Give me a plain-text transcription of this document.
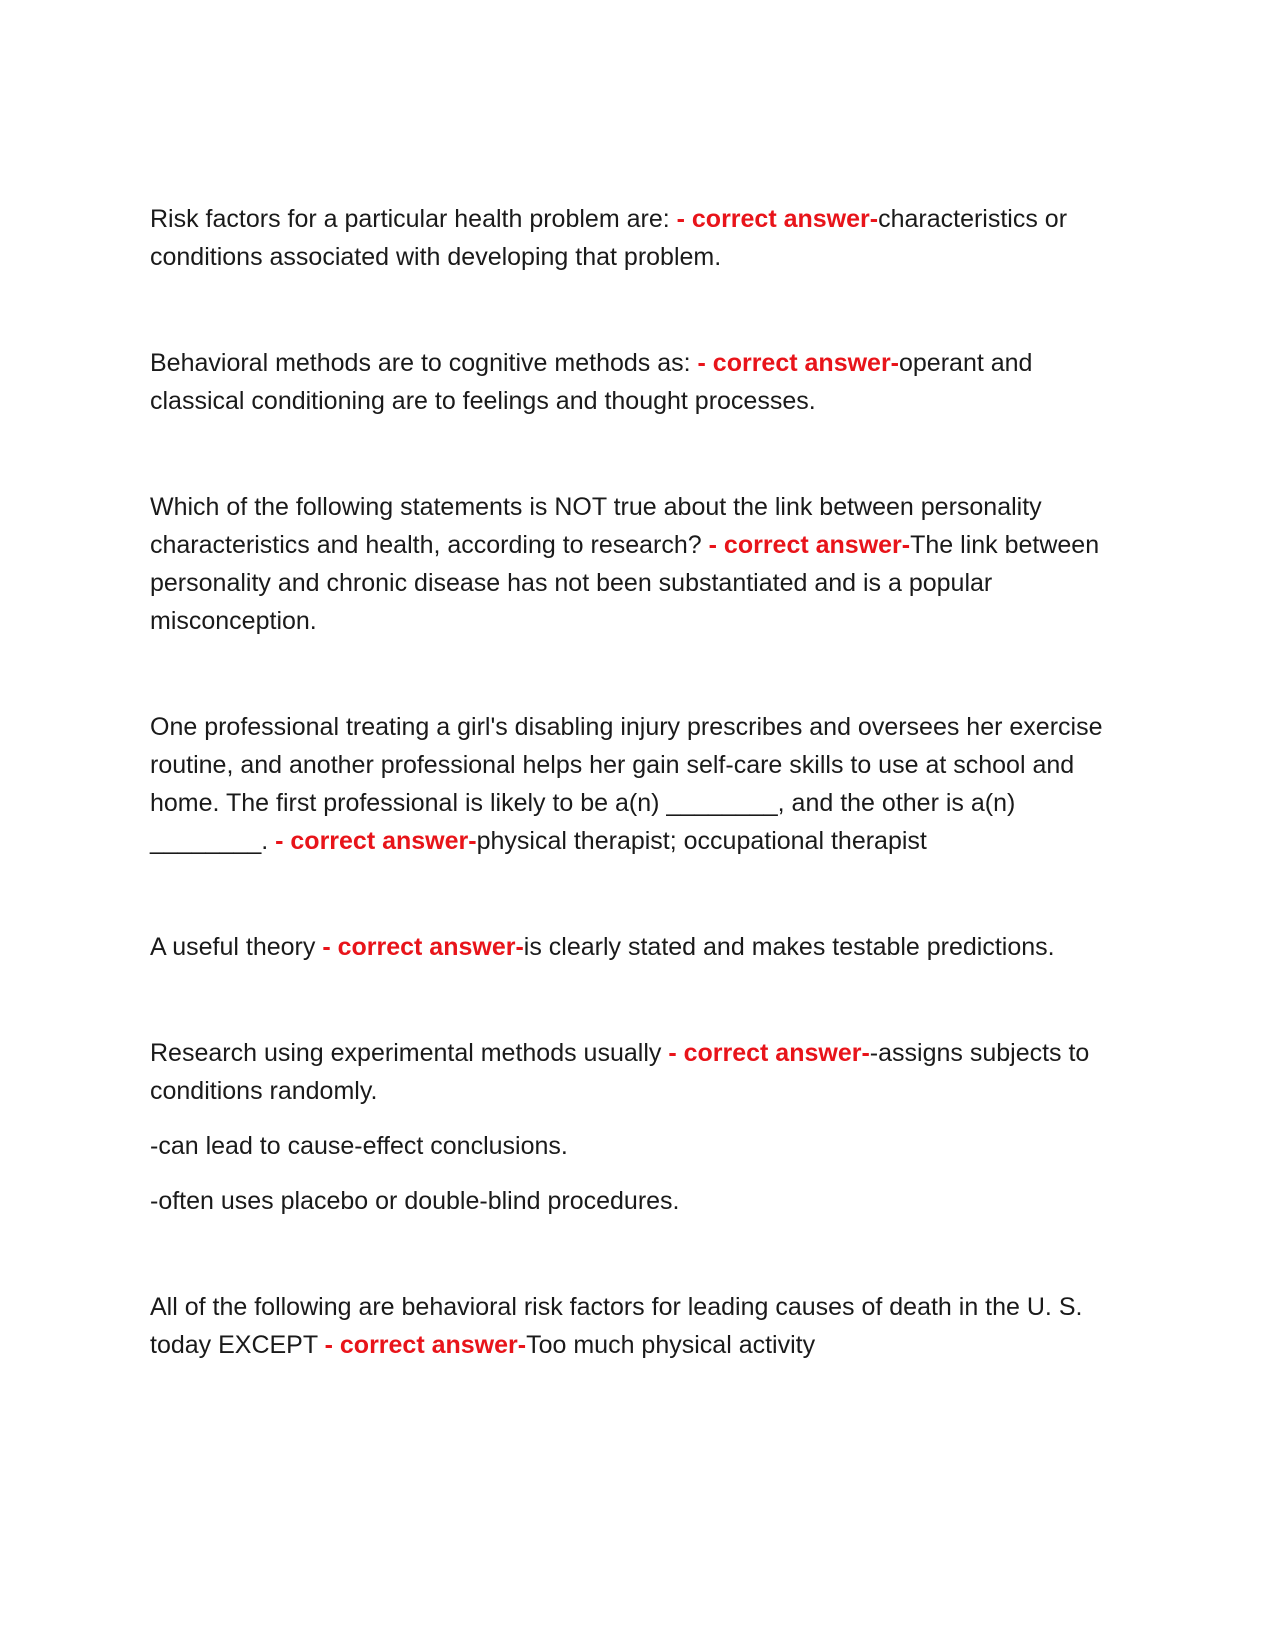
Risk factors for a particular health problem are: - correct answer-characteristics or conditions associated with developing that problem.

Behavioral methods are to cognitive methods as: - correct answer-operant and classical conditioning are to feelings and thought processes.

Which of the following statements is NOT true about the link between personality characteristics and health, according to research? - correct answer-The link between personality and chronic disease has not been substantiated and is a popular misconception.

One professional treating a girl's disabling injury prescribes and oversees her exercise routine, and another professional helps her gain self-care skills to use at school and home. The first professional is likely to be a(n) ________, and the other is a(n) ________. - correct answer-physical therapist; occupational therapist

A useful theory - correct answer-is clearly stated and makes testable predictions.

Research using experimental methods usually - correct answer--assigns subjects to conditions randomly.

-can lead to cause-effect conclusions.

-often uses placebo or double-blind procedures.

All of the following are behavioral risk factors for leading causes of death in the U. S. today EXCEPT - correct answer-Too much physical activity
